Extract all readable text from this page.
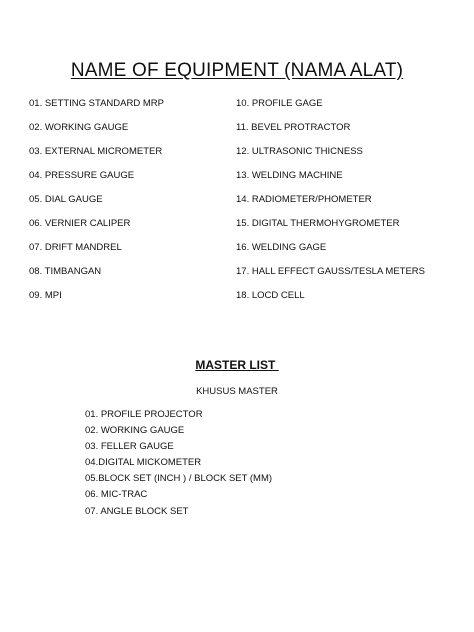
NAME OF EQUIPMENT (NAMA ALAT)
01. SETTING STANDARD MRP
02. WORKING GAUGE
03. EXTERNAL MICROMETER
04. PRESSURE GAUGE
05. DIAL GAUGE
06. VERNIER CALIPER
07. DRIFT MANDREL
08. TIMBANGAN
09. MPI
10. PROFILE GAGE
11. BEVEL PROTRACTOR
12. ULTRASONIC THICNESS
13. WELDING MACHINE
14. RADIOMETER/PHOMETER
15. DIGITAL THERMOHYGROMETER
16. WELDING GAGE
17. HALL EFFECT GAUSS/TESLA METERS
18. LOCD CELL
MASTER LIST
KHUSUS MASTER
01. PROFILE PROJECTOR
02. WORKING GAUGE
03. FELLER GAUGE
04.DIGITAL MICKOMETER
05.BLOCK SET (INCH ) / BLOCK SET (MM)
06. MIC-TRAC
07. ANGLE BLOCK SET
